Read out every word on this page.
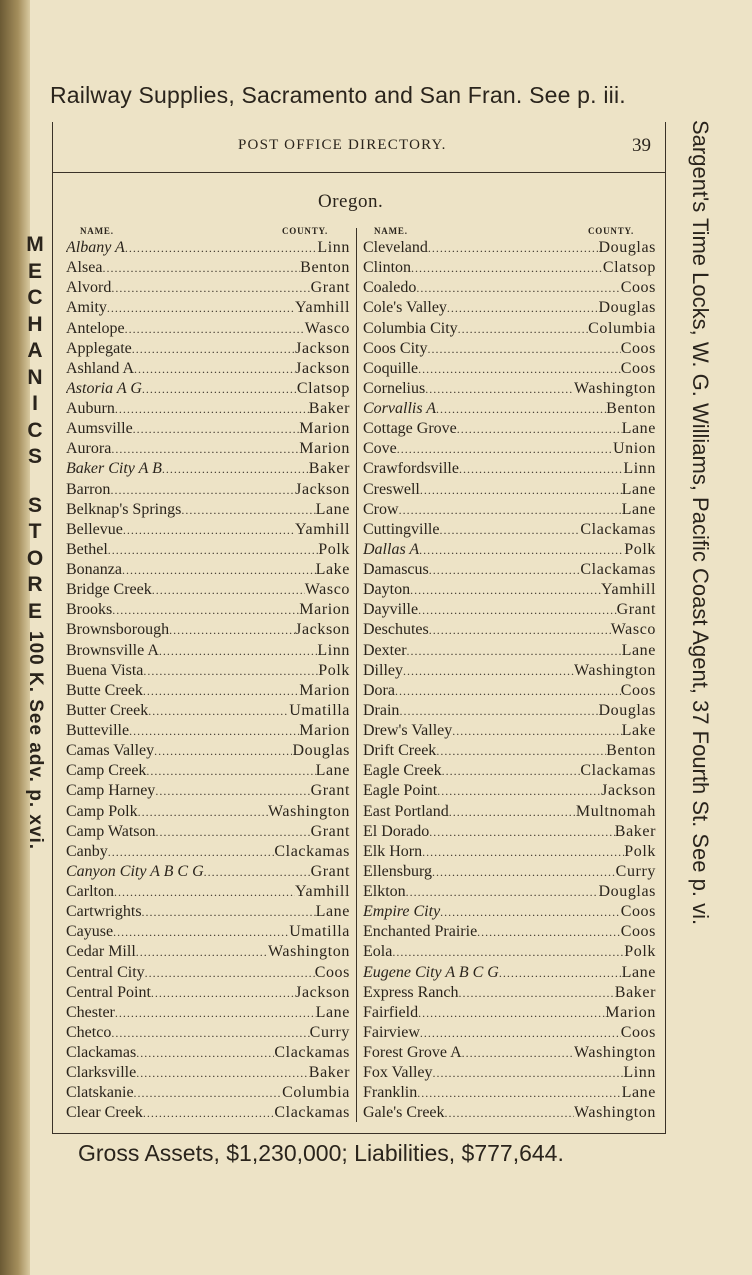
Railway Supplies, Sacramento and San Fran. See p. iii.
M
E
C
H
A
N
I
C
S
S
T
O
R
E
100 K. See adv. p. xvi.	Sargent's Time Locks, W. G. Williams, Pacific Coast Agent, 37 Fourth St. See p. vi.
POST OFFICE DIRECTORY.	39
Oregon.
NAME.	COUNTY.	NAME.	COUNTY.
Albany A .....	Linn
Alsea .....	Benton
Alvord .....	Grant
Amity .....	Yamhill
Antelope .....	Wasco
Applegate .....	Jackson
Ashland A .....	Jackson
Astoria A G .....	Clatsop
Auburn .....	Baker
Aumsville .....	Marion
Aurora .....	Marion
Baker City A B .....	Baker
Barron .....	Jackson
Belknap's Springs .....	Lane
Bellevue .....	Yamhill
Bethel .....	Polk
Bonanza .....	Lake
Bridge Creek .....	Wasco
Brooks .....	Marion
Brownsborough .....	Jackson
Brownsville A .....	Linn
Buena Vista .....	Polk
Butte Creek .....	Marion
Butter Creek .....	Umatilla
Butteville .....	Marion
Camas Valley .....	Douglas
Camp Creek .....	Lane
Camp Harney .....	Grant
Camp Polk .....	Washington
Camp Watson .....	Grant
Canby .....	Clackamas
Canyon City A B C G .....	Grant
Carlton .....	Yamhill
Cartwrights .....	Lane
Cayuse .....	Umatilla
Cedar Mill .....	Washington
Central City .....	Coos
Central Point .....	Jackson
Chester .....	Lane
Chetco .....	Curry
Clackamas .....	Clackamas
Clarksville .....	Baker
Clatskanie .....	Columbia
Clear Creek .....	Clackamas
Cleveland .....	Douglas
Clinton .....	Clatsop
Coaledo .....	Coos
Cole's Valley .....	Douglas
Columbia City .....	Columbia
Coos City .....	Coos
Coquille .....	Coos
Cornelius .....	Washington
Corvallis A .....	Benton
Cottage Grove .....	Lane
Cove .....	Union
Crawfordsville .....	Linn
Creswell .....	Lane
Crow .....	Lane
Cuttingville .....	Clackamas
Dallas A .....	Polk
Damascus .....	Clackamas
Dayton .....	Yamhill
Dayville .....	Grant
Deschutes .....	Wasco
Dexter .....	Lane
Dilley .....	Washington
Dora .....	Coos
Drain .....	Douglas
Drew's Valley .....	Lake
Drift Creek .....	Benton
Eagle Creek .....	Clackamas
Eagle Point .....	Jackson
East Portland .....	Multnomah
El Dorado .....	Baker
Elk Horn .....	Polk
Ellensburg .....	Curry
Elkton .....	Douglas
Empire City .....	Coos
Enchanted Prairie .....	Coos
Eola .....	Polk
Eugene City A B C G .....	Lane
Express Ranch .....	Baker
Fairfield .....	Marion
Fairview .....	Coos
Forest Grove A .....	Washington
Fox Valley .....	Linn
Franklin .....	Lane
Gale's Creek .....	Washington
Gross Assets, $1,230,000; Liabilities, $777,644.
